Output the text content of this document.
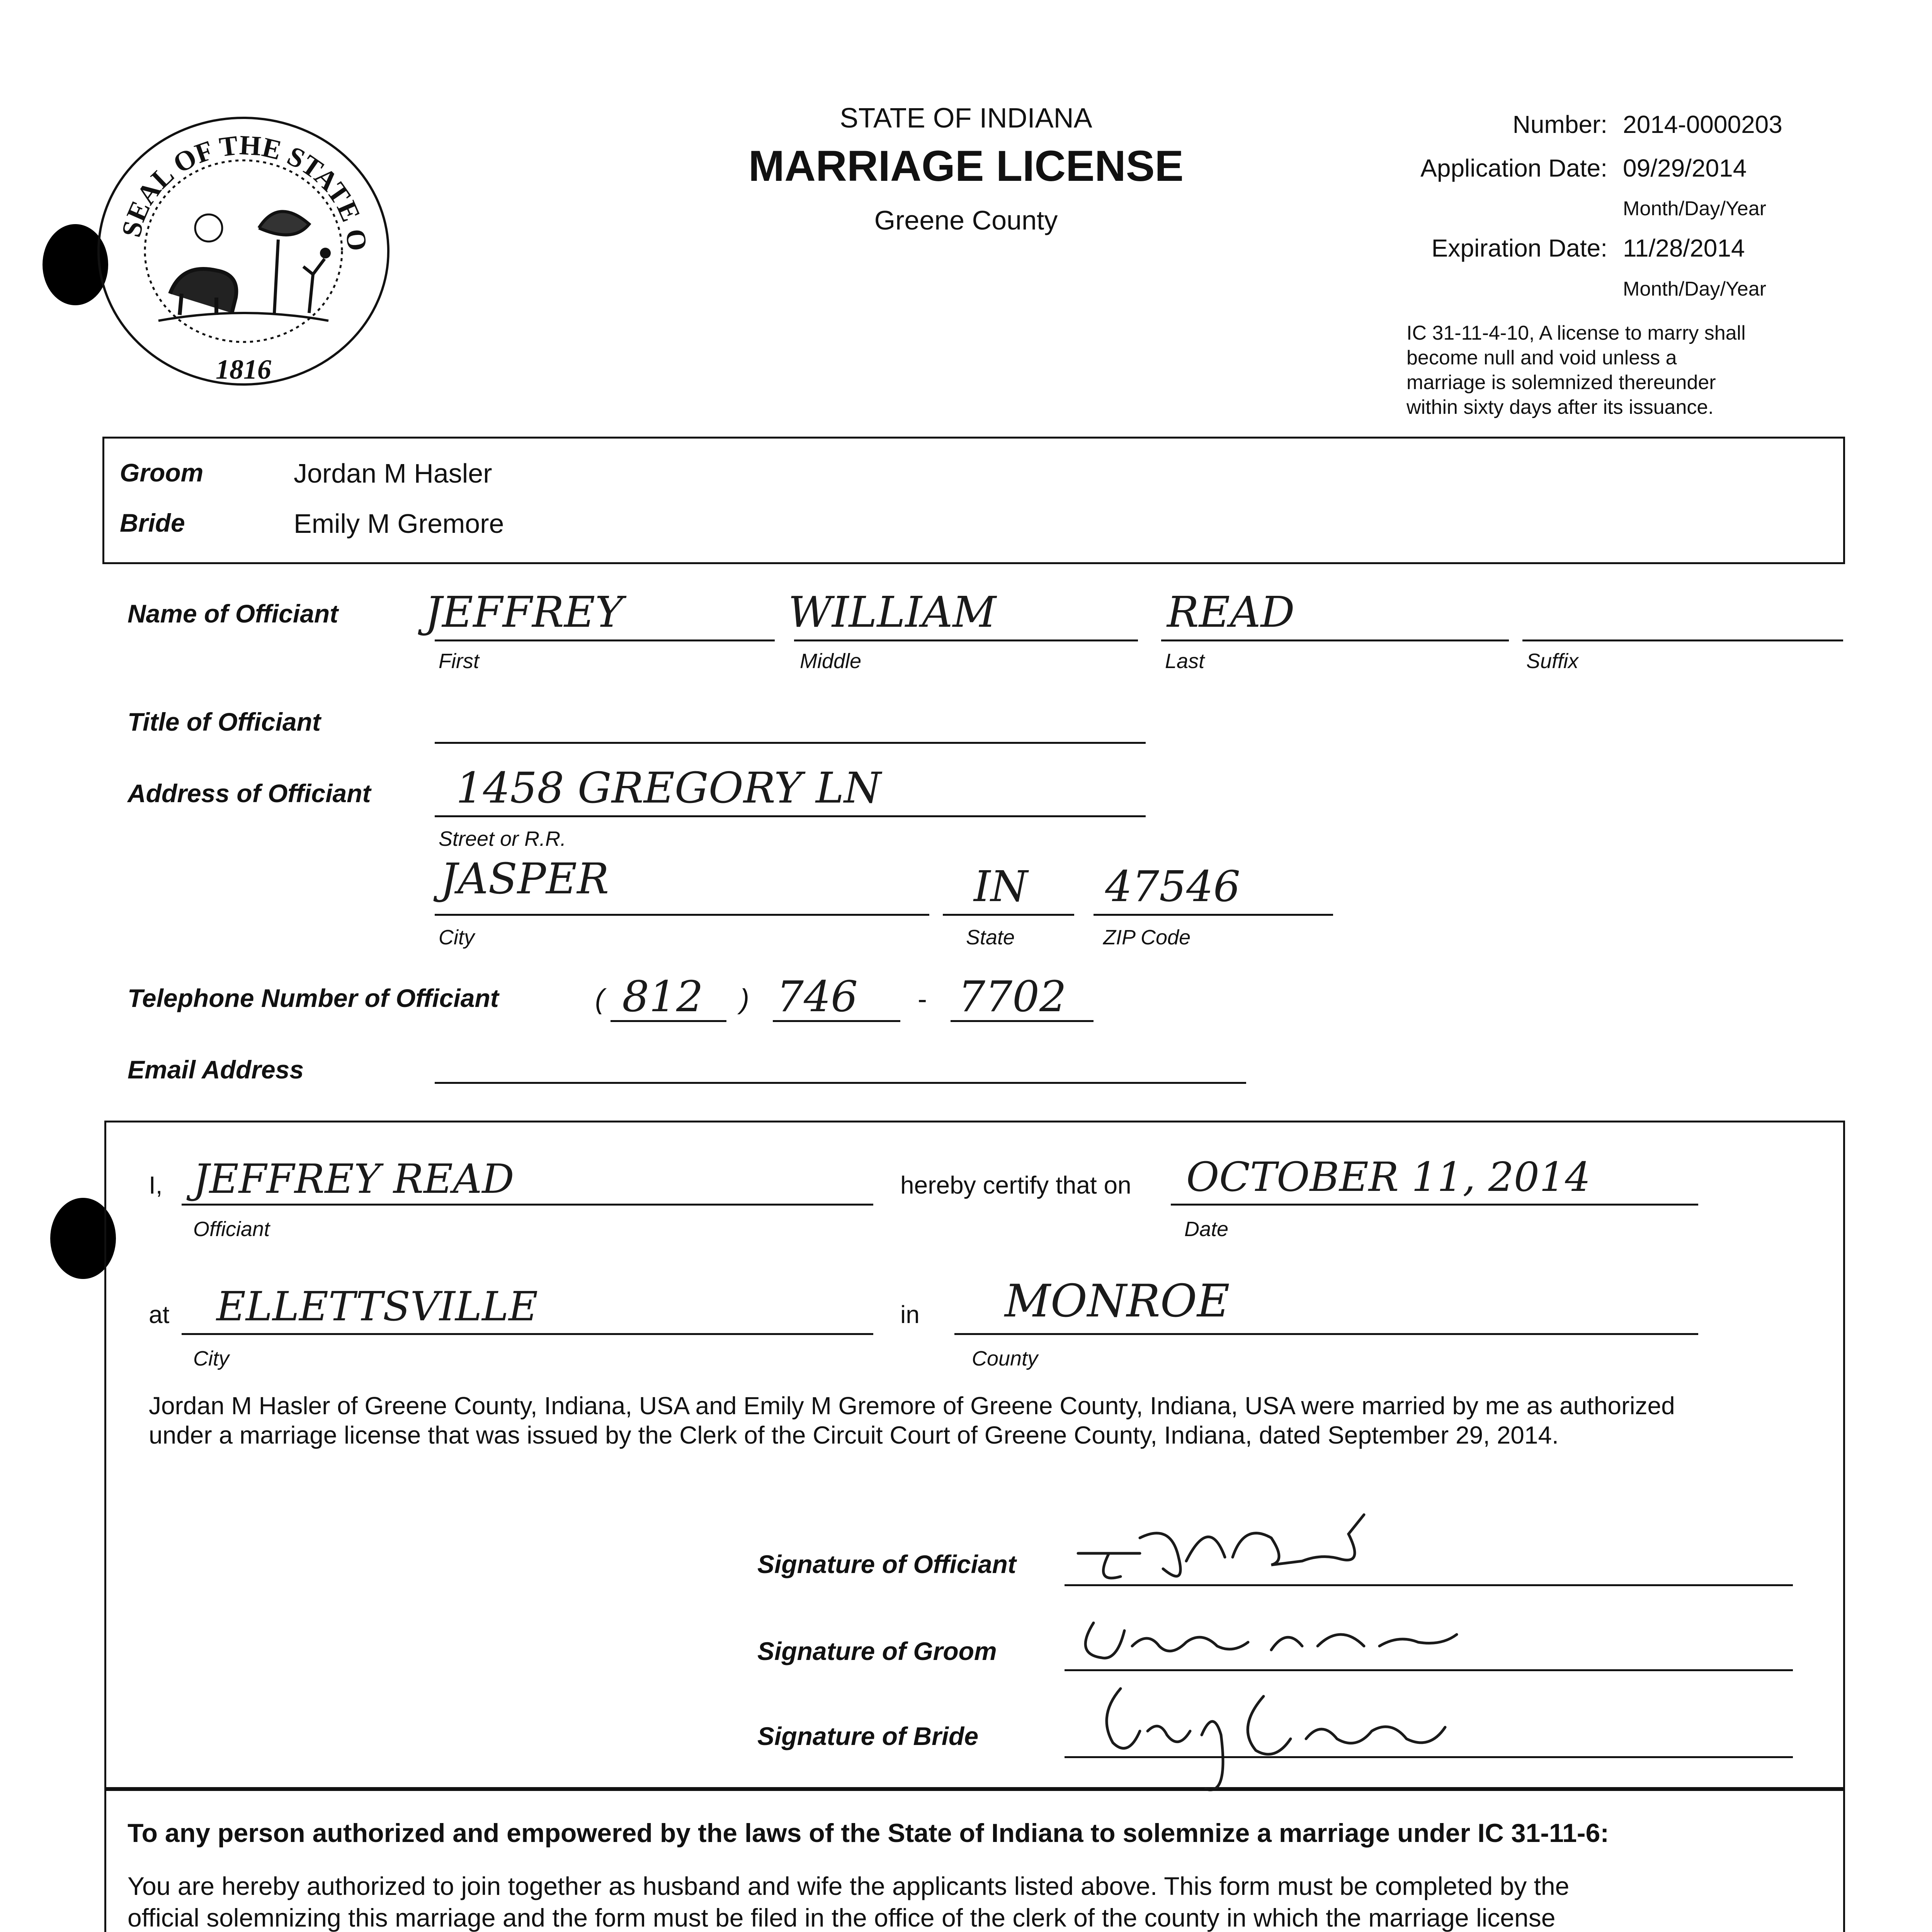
SEAL OF THE STATE O
1816
STATE OF INDIANA
MARRIAGE LICENSE
Greene County
Number: 2014-0000203
Application Date: 09/29/2014
Month/Day/Year
Expiration Date: 11/28/2014
Month/Day/Year
IC 31-11-4-10, A license to marry shall
become null and void unless a
marriage is solemnized thereunder
within sixty days after its issuance.
Groom	Jordan M Hasler
Bride	Emily M Gremore
Name of Officiant JEFFREY
First
WILLIAM
Middle
READ
Last	Suffix
Title of Officiant
Address of Officiant 1458 GREGORY LN
Street or R.R.
JASPER
City
IN
State
47546
ZIP Code
Telephone Number of Officiant	( 812 ) 746 - 7702
Email Address
I, JEFFREY READ
Officiant
hereby certify that on OCTOBER 11, 2014
Date
at ELLETTSVILLE
City
in MONROE
County
Jordan M Hasler of Greene County, Indiana, USA and Emily M Gremore of Greene County, Indiana, USA were married by me as authorized
under a marriage license that was issued by the Clerk of the Circuit Court of Greene County, Indiana, dated September 29, 2014.
Signature of Officiant
Signature of Groom
Signature of Bride
To any person authorized and empowered by the laws of the State of Indiana to solemnize a marriage under IC 31-11-6:
You are hereby authorized to join together as husband and wife the applicants listed above. This form must be completed by the
official solemnizing this marriage and the form must be filed in the office of the clerk of the county in which the marriage license
